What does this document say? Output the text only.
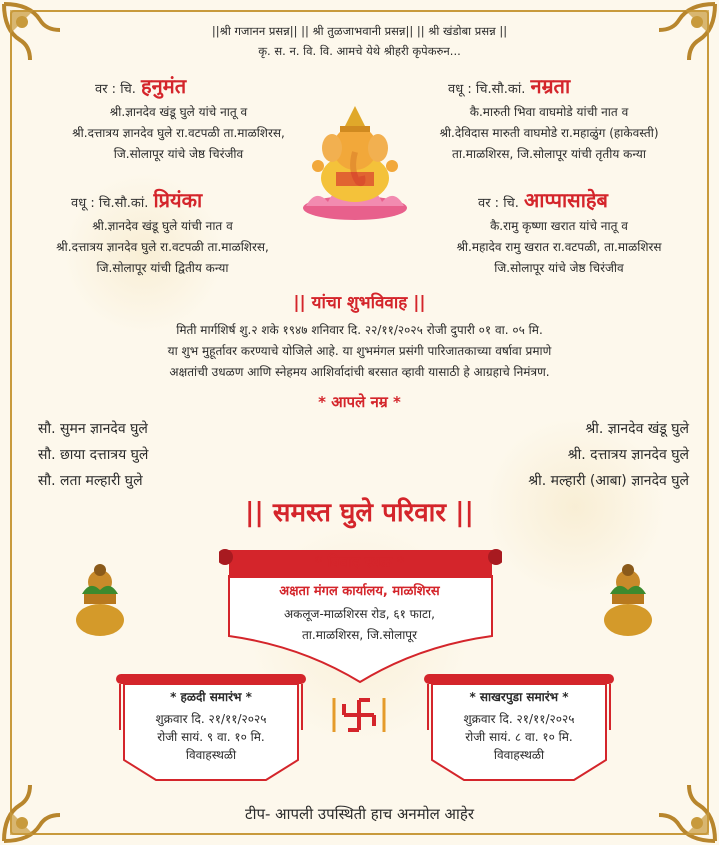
||श्री गजानन प्रसन्न|| || श्री तुळजाभवानी प्रसन्न|| || श्री खंडोबा प्रसन्न ||
कृ. स. न. वि. वि. आमचे येथे श्रीहरी कृपेकरुन...
वर : चि. हनुमंत
श्री.ज्ञानदेव खंडू घुले यांचे नातू व
श्री.दत्तात्रय ज्ञानदेव घुले रा.वटपळी ता.माळशिरस,
जि.सोलापूर यांचे जेष्ठ चिरंजीव
वधू : चि.सौ.कां. नम्रता
कै.मारुती भिवा वाघमोडे यांची नात व
श्री.देविदास मारुती वाघमोडे रा.महाळुंग (हाकेवस्ती)
ता.माळशिरस, जि.सोलापूर यांची तृतीय कन्या
वधू : चि.सौ.कां. प्रियंका
श्री.ज्ञानदेव खंडू घुले यांची नात व
श्री.दत्तात्रय ज्ञानदेव घुले रा.वटपळी ता.माळशिरस,
जि.सोलापूर यांची द्वितीय कन्या
वर : चि. आप्पासाहेब
कै.रामु कृष्णा खरात यांचे नातू व
श्री.महादेव रामु खरात रा.वटपळी, ता.माळशिरस
जि.सोलापूर यांचे जेष्ठ चिरंजीव
|| यांचा शुभविवाह ||
मिती मार्गशिर्ष शु.२ शके १९४७ शनिवार दि. २२/११/२०२५ रोजी दुपारी ०१ वा. ०५ मि.
या शुभ मुहूर्तावर करण्याचे योजिले आहे. या शुभमंगल प्रसंगी पारिजातकाच्या वर्षावा प्रमाणे
अक्षतांची उधळण आणि स्नेहमय आशिर्वादांची बरसात व्हावी यासाठी हे आग्रहाचे निमंत्रण.
* आपले नम्र *
सौ. सुमन ज्ञानदेव घुले
सौ. छाया दत्तात्रय घुले
सौ. लता मल्हारी घुले
श्री. ज्ञानदेव खंडू घुले
श्री. दत्तात्रय ज्ञानदेव घुले
श्री. मल्हारी (आबा) ज्ञानदेव घुले
|| समस्त घुले परिवार ||
* विवाह स्थळ *
अक्षता मंगल कार्यालय, माळशिरस
अकलूज-माळशिरस रोड, ६१ फाटा,
ता.माळशिरस, जि.सोलापूर
* हळदी समारंभ *
शुक्रवार दि. २१/११/२०२५
रोजी सायं. ९ वा. १० मि.
विवाहस्थळी
* साखरपुडा समारंभ *
शुक्रवार दि. २१/११/२०२५
रोजी सायं. ८ वा. १० मि.
विवाहस्थळी
टीप- आपली उपस्थिती हाच अनमोल आहेर
